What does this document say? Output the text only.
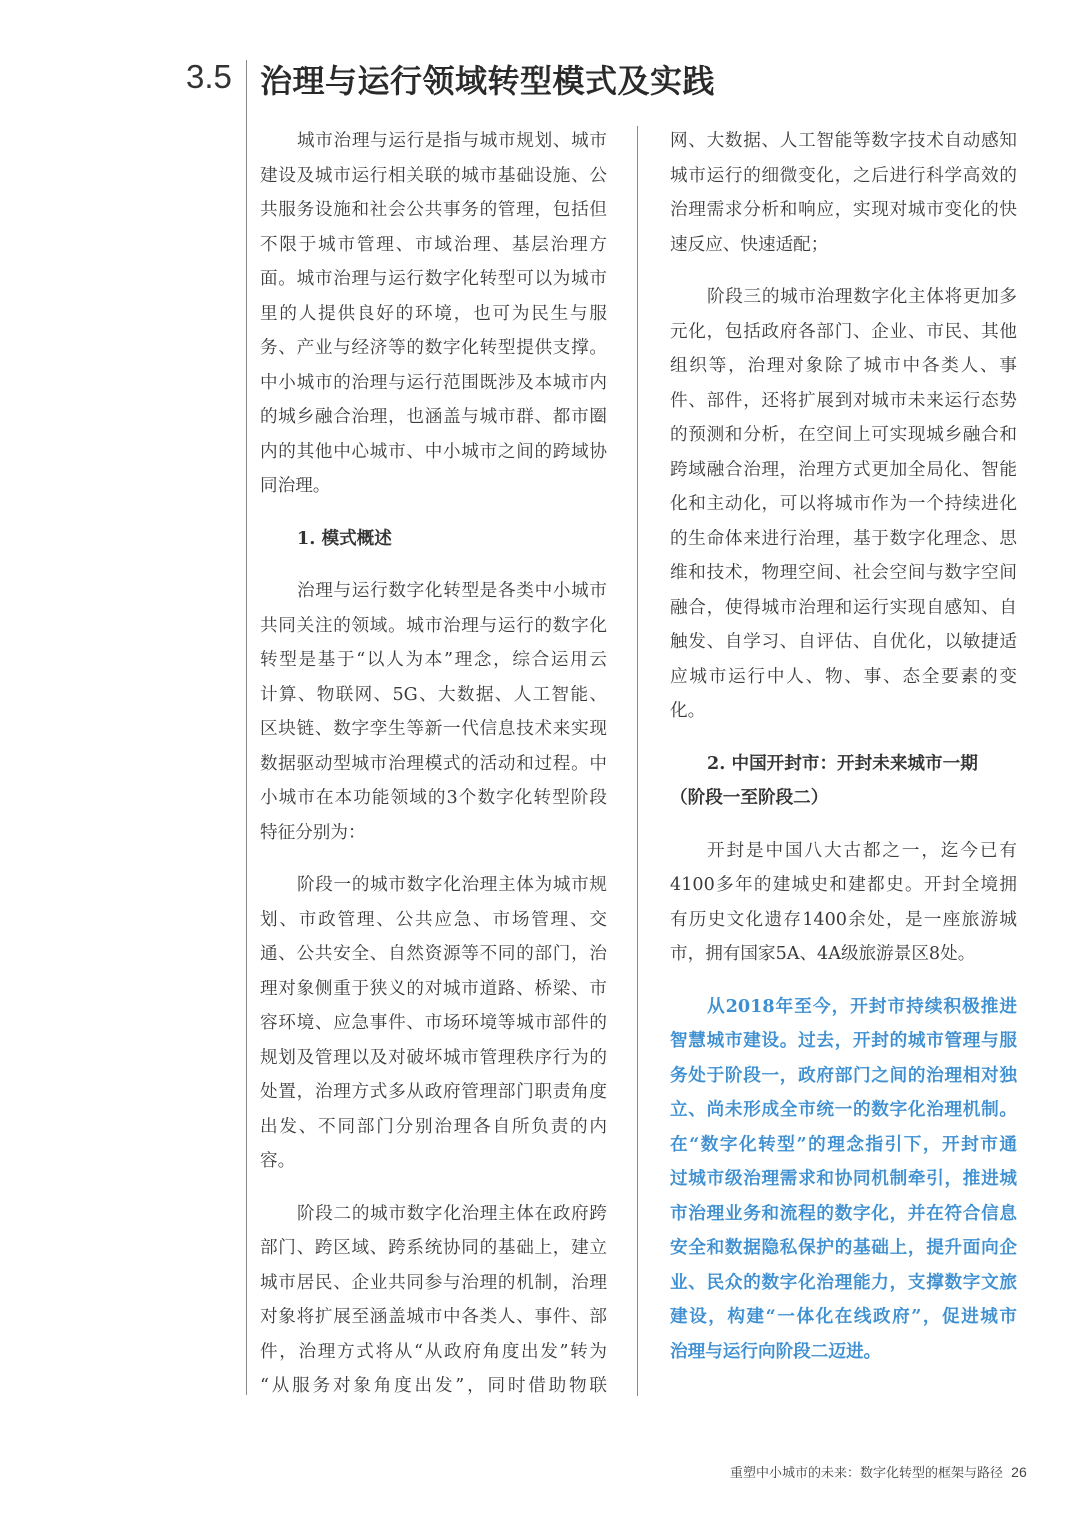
3.5 治理与运行领域转型模式及实践
城市治理与运行是指与城市规划、城市
建设及城市运行相关联的城市基础设施、公
共服务设施和社会公共事务的管理，包括但
不限于城市管理、市域治理、基层治理方
面。城市治理与运行数字化转型可以为城市
里的人提供良好的环境，也可为民生与服
务、产业与经济等的数字化转型提供支撑。
中小城市的治理与运行范围既涉及本城市内
的城乡融合治理，也涵盖与城市群、都市圈
内的其他中心城市、中小城市之间的跨域协
同治理。
1. 模式概述
治理与运行数字化转型是各类中小城市
共同关注的领域。城市治理与运行的数字化
转型是基于“以人为本”理念，综合运用云
计算、物联网、5G、大数据、人工智能、
区块链、数字孪生等新一代信息技术来实现
数据驱动型城市治理模式的活动和过程。中
小城市在本功能领域的3个数字化转型阶段
特征分别为：
阶段一的城市数字化治理主体为城市规
划、市政管理、公共应急、市场管理、交
通、公共安全、自然资源等不同的部门，治
理对象侧重于狭义的对城市道路、桥梁、市
容环境、应急事件、市场环境等城市部件的
规划及管理以及对破坏城市管理秩序行为的
处置，治理方式多从政府管理部门职责角度
出发、不同部门分别治理各自所负责的内
容。
阶段二的城市数字化治理主体在政府跨
部门、跨区域、跨系统协同的基础上，建立
城市居民、企业共同参与治理的机制，治理
对象将扩展至涵盖城市中各类人、事件、部
件，治理方式将从“从政府角度出发”转为
“从服务对象角度出发”，同时借助物联
网、大数据、人工智能等数字技术自动感知
城市运行的细微变化，之后进行科学高效的
治理需求分析和响应，实现对城市变化的快
速反应、快速适配；
阶段三的城市治理数字化主体将更加多
元化，包括政府各部门、企业、市民、其他
组织等，治理对象除了城市中各类人、事
件、部件，还将扩展到对城市未来运行态势
的预测和分析，在空间上可实现城乡融合和
跨域融合治理，治理方式更加全局化、智能
化和主动化，可以将城市作为一个持续进化
的生命体来进行治理，基于数字化理念、思
维和技术，物理空间、社会空间与数字空间
融合，使得城市治理和运行实现自感知、自
触发、自学习、自评估、自优化，以敏捷适
应城市运行中人、物、事、态全要素的变
化。
2. 中国开封市：开封未来城市一期
（阶段一至阶段二）
开封是中国八大古都之一，迄今已有
4100多年的建城史和建都史。开封全境拥
有历史文化遗存1400余处，是一座旅游城
市，拥有国家5A、4A级旅游景区8处。
从2018年至今，开封市持续积极推进
智慧城市建设。过去，开封的城市管理与服
务处于阶段一，政府部门之间的治理相对独
立、尚未形成全市统一的数字化治理机制。
在“数字化转型”的理念指引下，开封市通
过城市级治理需求和协同机制牵引，推进城
市治理业务和流程的数字化，并在符合信息
安全和数据隐私保护的基础上，提升面向企
业、民众的数字化治理能力，支撑数字文旅
建设，构建“一体化在线政府”，促进城市
治理与运行向阶段二迈进。
重塑中小城市的未来：数字化转型的框架与路径 26
